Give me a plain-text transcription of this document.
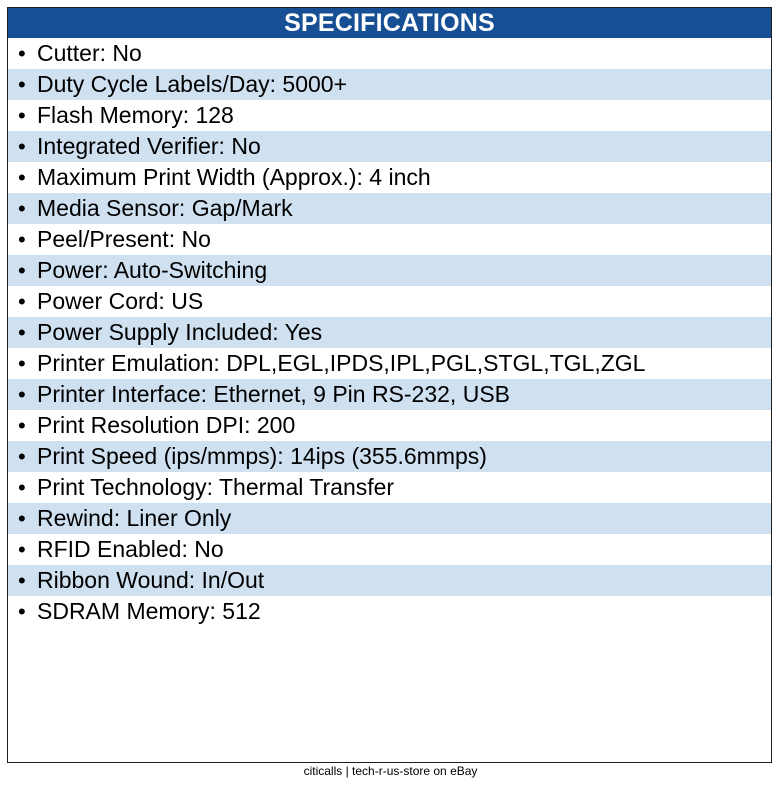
SPECIFICATIONS
• Cutter: No
• Duty Cycle Labels/Day: 5000+
• Flash Memory: 128
• Integrated Verifier: No
• Maximum Print Width (Approx.): 4 inch
• Media Sensor: Gap/Mark
• Peel/Present: No
• Power: Auto-Switching
• Power Cord: US
• Power Supply Included: Yes
• Printer Emulation: DPL,EGL,IPDS,IPL,PGL,STGL,TGL,ZGL
• Printer Interface: Ethernet, 9 Pin RS-232, USB
• Print Resolution DPI: 200
• Print Speed (ips/mmps): 14ips (355.6mmps)
• Print Technology: Thermal Transfer
• Rewind: Liner Only
• RFID Enabled: No
• Ribbon Wound: In/Out
• SDRAM Memory: 512
citicalls | tech-r-us-store on eBay
